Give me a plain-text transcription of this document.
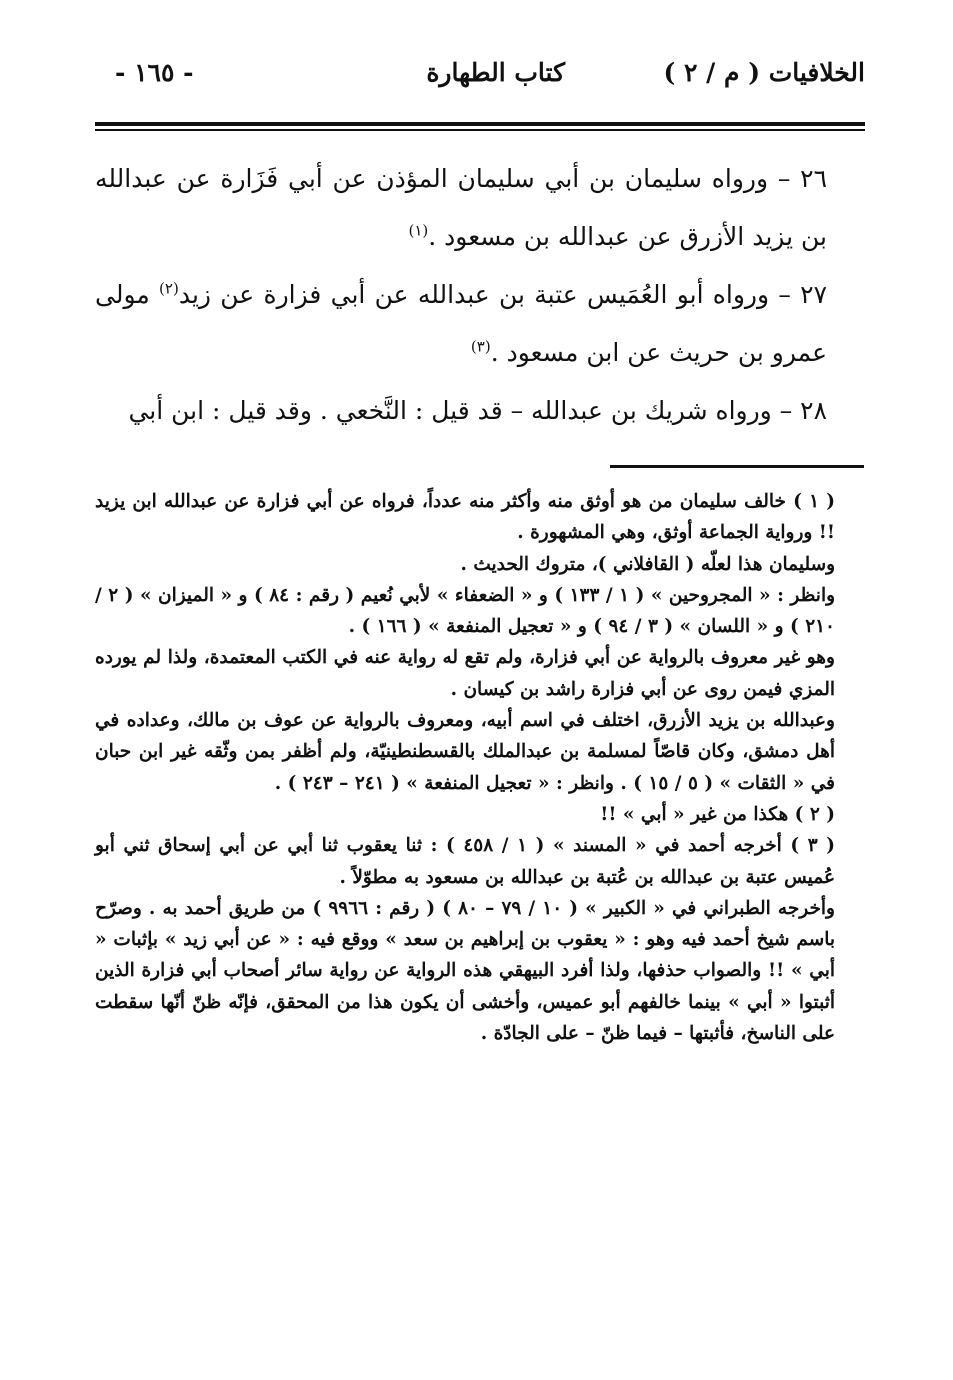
الخلافيات ( م / ٢ )
كتاب الطهارة
- ١٦٥ -

٢٦ – ورواه سليمان بن أبي سليمان المؤذن عن أبي فَزَارة عن عبدالله بن يزيد الأزرق عن عبدالله بن مسعود .$^{(١)}$

٢٧ – ورواه أبو العُمَيس عتبة بن عبدالله عن أبي فزارة عن زيد$^{(٢)}$ مولى عمرو بن حريث عن ابن مسعود .$^{(٣)}$

٢٨ – ورواه شريك بن عبدالله – قد قيل : النَّخعي . وقد قيل : ابن أبي

( ١ ) خالف سليمان من هو أوثق منه وأكثر منه عدداً، فرواه عن أبي فزارة عن عبدالله ابن يزيد !! ورواية الجماعة أوثق، وهي المشهورة .

وسليمان هذا لعلّه ( القافلاني )، متروك الحديث .

وانظر : « المجروحين » ( ١ / ١٣٣ ) و « الضعفاء » لأبي نُعيم ( رقم : ٨٤ ) و « الميزان » ( ٢ / ٢١٠ ) و « اللسان » ( ٣ / ٩٤ ) و « تعجيل المنفعة » ( ١٦٦ ) .

وهو غير معروف بالرواية عن أبي فزارة، ولم تقع له رواية عنه في الكتب المعتمدة، ولذا لم يورده المزي فيمن روى عن أبي فزارة راشد بن كيسان .

وعبدالله بن يزيد الأزرق، اختلف في اسم أبيه، ومعروف بالرواية عن عوف بن مالك، وعداده في أهل دمشق، وكان قاصّاً لمسلمة بن عبدالملك بالقسطنطينيّة، ولم أظفر بمن وثّقه غير ابن حبان في « الثقات » ( ٥ / ١٥ ) . وانظر : « تعجيل المنفعة » ( ٢٤١ – ٢٤٣ ) .

( ٢ ) هكذا من غير « أبي » !!

( ٣ ) أخرجه أحمد في « المسند » ( ١ / ٤٥٨ ) : ثنا يعقوب ثنا أبي عن أبي إسحاق ثني أبو عُميس عتبة بن عبدالله بن عُتبة بن عبدالله بن مسعود به مطوّلاً .

وأخرجه الطبراني في « الكبير » ( ١٠ / ٧٩ – ٨٠ ) ( رقم : ٩٩٦٦ ) من طريق أحمد به . وصرّح باسم شيخ أحمد فيه وهو : « يعقوب بن إبراهيم بن سعد » ووقع فيه : « عن أبي زيد » بإثبات « أبي » !! والصواب حذفها، ولذا أفرد البيهقي هذه الرواية عن رواية سائر أصحاب أبي فزارة الذين أثبتوا « أبي » بينما خالفهم أبو عميس، وأخشى أن يكون هذا من المحقق، فإنّه ظنّ أنّها سقطت على الناسخ، فأثبتها – فيما ظنّ – على الجادّة .
